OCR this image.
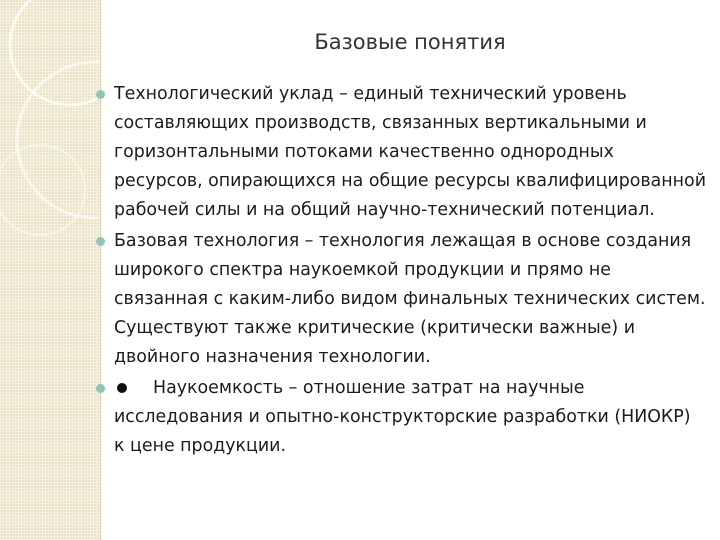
Базовые понятия
Технологический уклад – единый технический уровень составляющих производств, связанных вертикальными и горизонтальными потоками качественно однородных ресурсов, опирающихся на общие ресурсы квалифицированной рабочей силы и на общий научно-технический потенциал.
Базовая технология – технология лежащая в основе создания широкого спектра наукоемкой продукции и прямо не связанная с каким-либо видом финальных технических систем. Существуют также критические (критически важные) и двойного назначения технологии.
Наукоемкость – отношение затрат на научные исследования и опытно-конструкторские разработки (НИОКР) к цене продукции.
